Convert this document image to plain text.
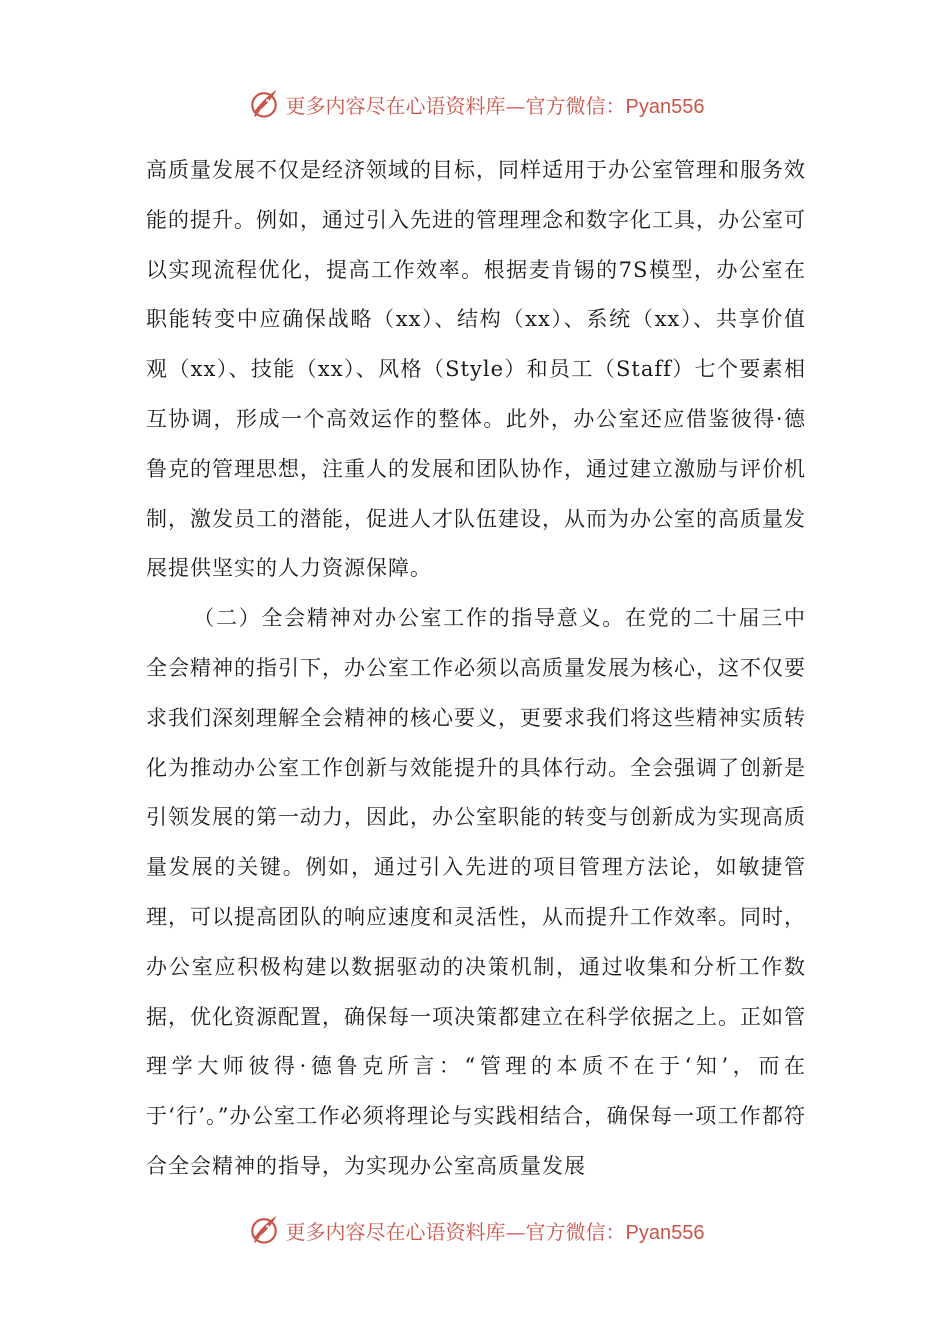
更多内容尽在心语资料库—官方微信：Pyan556

高质量发展不仅是经济领域的目标，同样适用于办公室管理和服务效能的提升。例如，通过引入先进的管理理念和数字化工具，办公室可以实现流程优化，提高工作效率。根据麦肯锡的7S模型，办公室在职能转变中应确保战略（xx）、结构（xx）、系统（xx）、共享价值观（xx）、技能（xx）、风格（Style）和员工（Staff）七个要素相互协调，形成一个高效运作的整体。此外，办公室还应借鉴彼得·德鲁克的管理思想，注重人的发展和团队协作，通过建立激励与评价机制，激发员工的潜能，促进人才队伍建设，从而为办公室的高质量发展提供坚实的人力资源保障。

（二）全会精神对办公室工作的指导意义。在党的二十届三中全会精神的指引下，办公室工作必须以高质量发展为核心，这不仅要求我们深刻理解全会精神的核心要义，更要求我们将这些精神实质转化为推动办公室工作创新与效能提升的具体行动。全会强调了创新是引领发展的第一动力，因此，办公室职能的转变与创新成为实现高质量发展的关键。例如，通过引入先进的项目管理方法论，如敏捷管理，可以提高团队的响应速度和灵活性，从而提升工作效率。同时，办公室应积极构建以数据驱动的决策机制，通过收集和分析工作数据，优化资源配置，确保每一项决策都建立在科学依据之上。正如管理学大师彼得·德鲁克所言：“管理的本质不在于‘知’，而在于‘行’。”办公室工作必须将理论与实践相结合，确保每一项工作都符合全会精神的指导，为实现办公室高质量发展

更多内容尽在心语资料库—官方微信：Pyan556
